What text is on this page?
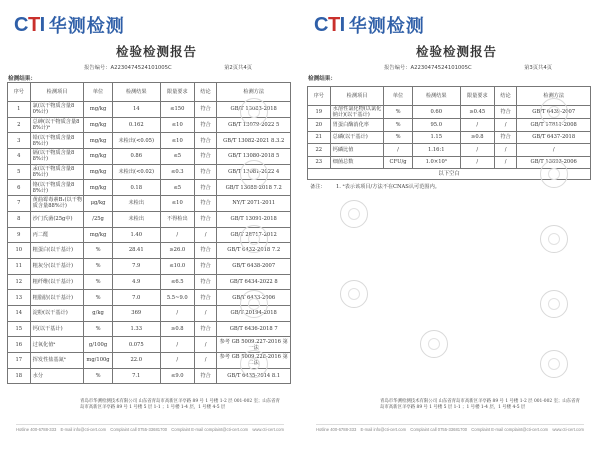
CTI 华测检测
检验检测报告
报告编号：A2230474524101005C	第2页共4页
检测结果：
序号	检测项目	单位	检测结果	限量要求	结论	检测方法
1	氯(以干物质含量80%计)	mg/kg	14	≤150	符合	GB/T 13083-2018
2	总砷(以干物质含量88%计)ᵃ	mg/kg	0.162	≤10	符合	GB/T 13079-2022 5
3	铅(以干物质含量88%计)	mg/kg	未检出(<0.05)	≤10	符合	GB/T 13082-2021 8.3.2
4	镉(以干物质含量88%计)	mg/kg	0.86	≤5	符合	GB/T 13080-2018 5
5	汞(以干物质含量88%计)	mg/kg	未检出(<0.02)	≤0.3	符合	GB/T 13081-2022 4
6	铬(以干物质含量88%计)	mg/kg	0.18	≤5	符合	GB/T 13088-2018 7.2
7	黄曲霉毒素B₁(以干物质含量88%计)	μg/kg	未检出	≤10	符合	NY/T 2071-2011
8	沙门氏菌(25g中)	/25g	未检出	不得检出	符合	GB/T 13091-2018
9	丙二醛	mg/kg	1.40	/	/	GB/T 28717-2012
10	粗蛋白(以干基计)	%	28.41	≥26.0	符合	GB/T 6432-2018 7.2
11	粗灰分(以干基计)	%	7.9	≤10.0	符合	GB/T 6438-2007
12	粗纤维(以干基计)	%	4.9	≤6.5	符合	GB/T 6434-2022 8
13	粗脂肪(以干基计)	%	7.0	5.5~9.0	符合	GB/T 6433-2006
14	淀粉(以干基计)	g/kg	369	/	/	GB/T 20194-2018
15	钙(以干基计)	%	1.33	≥0.8	符合	GB/T 6436-2018 7
16	过氧化值ᵃ	g/100g	0.075	/	/	参考 GB 5009.227-2016 第一法
17	挥发性盐基氮ᵃ	mg/100g	22.0	/	/	参考 GB 5009.228-2016 第二法
18	水分	%	7.1	≤9.0	符合	GB/T 6435-2014 8.1
青岛市华测检测技术有限公司 山东省青岛市高新区羊亭路 89 号 1 号楼 1-2 层 001-002 室；山东省青岛市高新区羊亭路 89 号 1 号楼 5 层 1-1 ；1 号楼 1-4 层，1 号楼 4-5 层
Hotline 400-6788-333 E-mail info@cti-cert.com Complaint call 0755-33681700 Complaint E-mail complaint@cti-cert.com www.cti-cert.com
CTI 华测检测
检验检测报告
报告编号：A2230474524101005C	第3页共4页
检测结果：
序号	检测项目	单位	检测结果	限量要求	结论	检测方法
19	水溶性氯化物(以氯化钠计)(以干基计)	%	0.60	≥0.45	符合	GB/T 6439-2007
20	胃蛋白酶消化率	%	95.0	/	/	GB/T 17811-2008
21	总磷(以干基计)	%	1.15	≥0.8	符合	GB/T 6437-2018
22	钙磷比值	/	1.16:1	/	/	/
23	细菌总数	CFU/g	1.0×10³	/	/	GB/T 13093-2006
以下空白						
备注： 1. ᵃ表示该项目/方法不在CNAS认可范围内。
青岛市华测检测技术有限公司 山东省青岛市高新区羊亭路 89 号 1 号楼 1-2 层 001-002 室；山东省青岛市高新区羊亭路 89 号 1 号楼 5 层 1-1 ；1 号楼 1-4 层，1 号楼 4-5 层
Hotline 400-6788-333 E-mail info@cti-cert.com Complaint call 0755-33681700 Complaint E-mail complaint@cti-cert.com www.cti-cert.com
